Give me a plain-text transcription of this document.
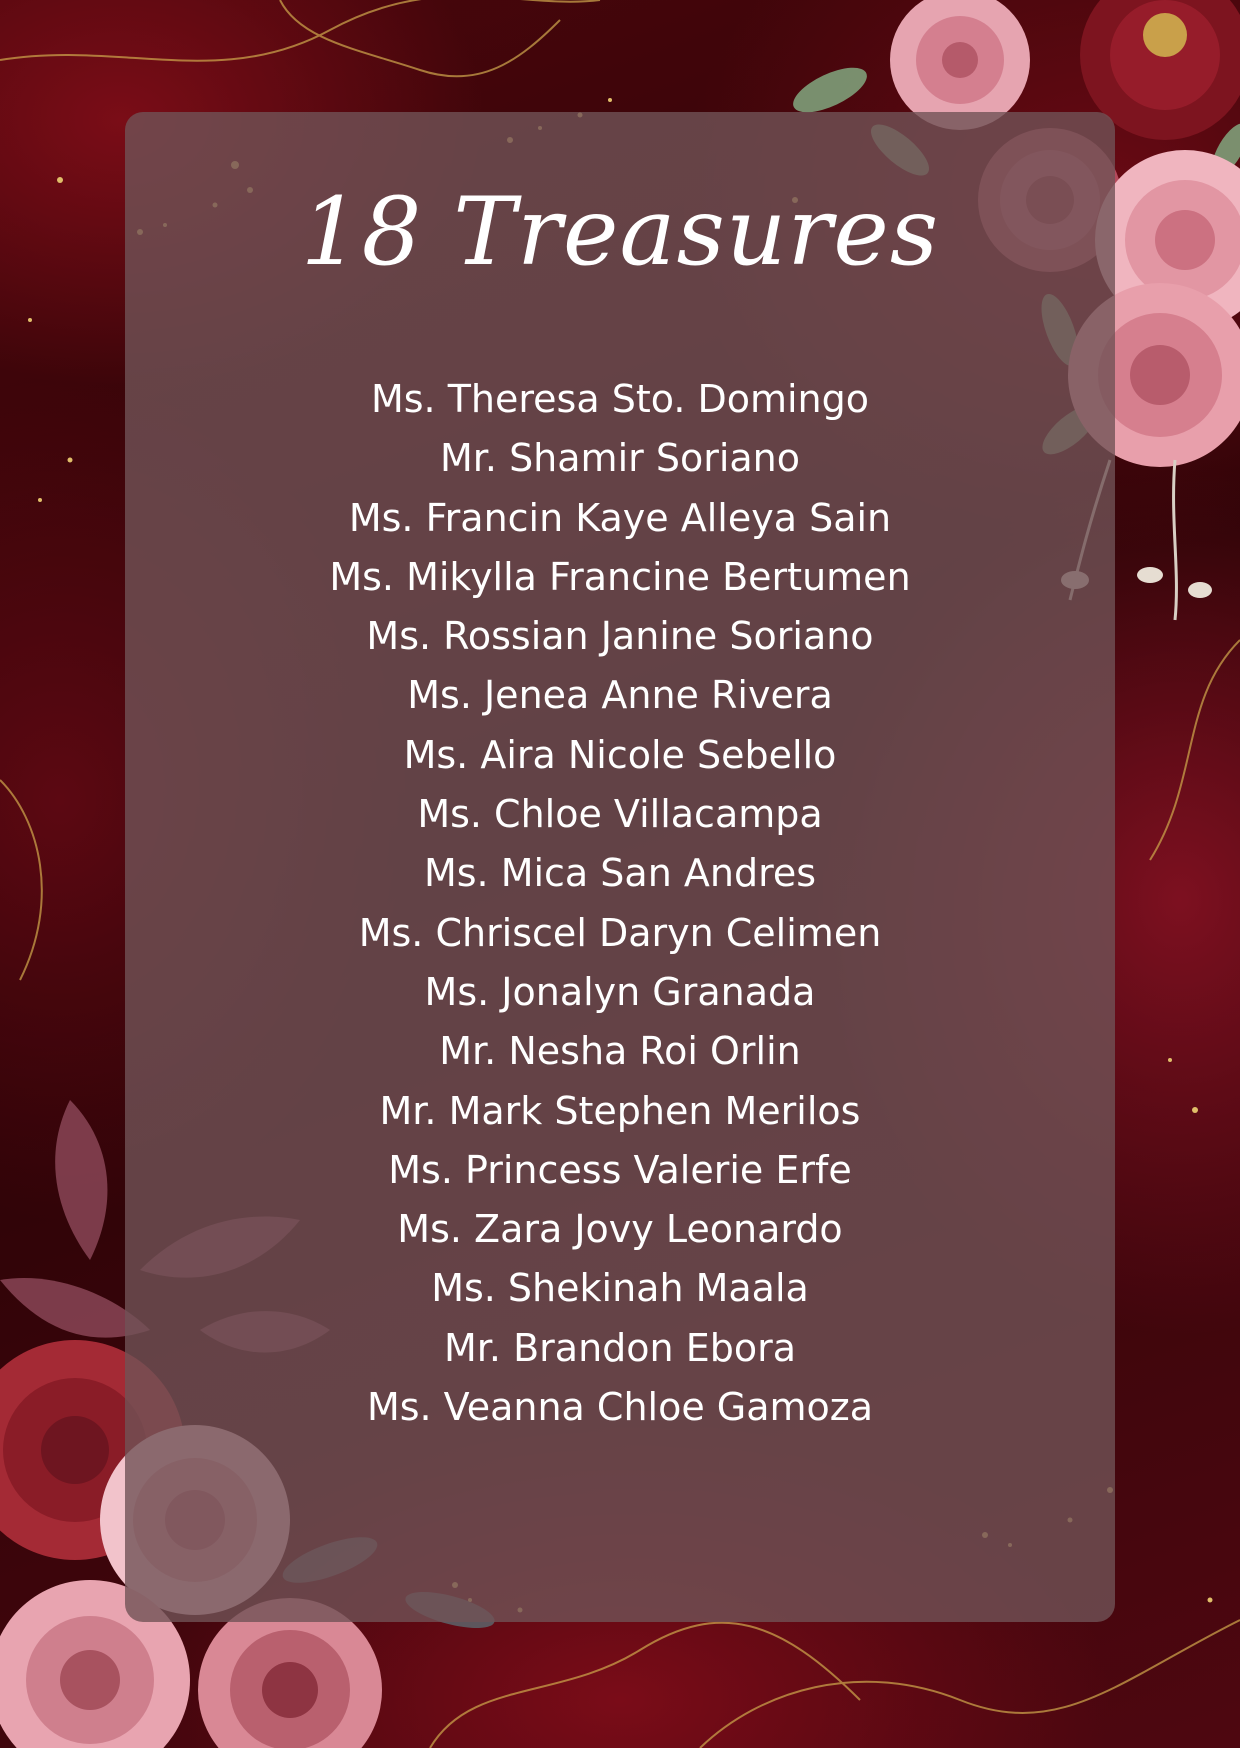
18 Treasures
Ms. Theresa Sto. Domingo
Mr. Shamir Soriano
Ms. Francin Kaye Alleya Sain
Ms. Mikylla Francine Bertumen
Ms. Rossian Janine Soriano
Ms. Jenea Anne Rivera
Ms. Aira Nicole Sebello
Ms. Chloe Villacampa
Ms. Mica San Andres
Ms. Chriscel Daryn Celimen
Ms. Jonalyn Granada
Mr. Nesha Roi Orlin
Mr. Mark Stephen Merilos
Ms. Princess Valerie Erfe
Ms. Zara Jovy Leonardo
Ms. Shekinah Maala
Mr. Brandon Ebora
Ms. Veanna Chloe Gamoza
